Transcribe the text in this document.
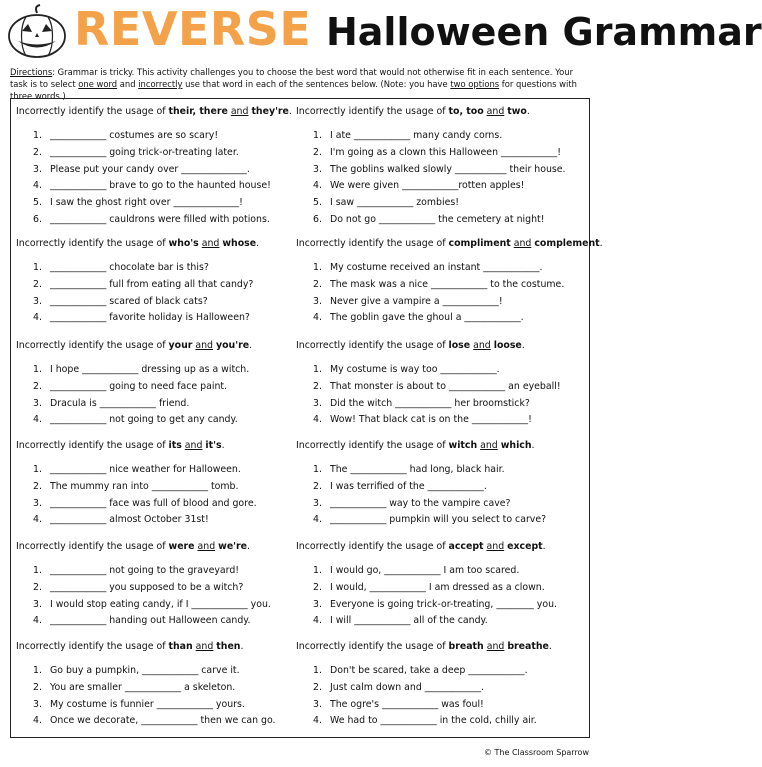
REVERSE Halloween Grammar
Directions: Grammar is tricky. This activity challenges you to choose the best word that would not otherwise fit in each sentence. Your task is to select one word and incorrectly use that word in each of the sentences below. (Note: you have two options for questions with three words.)
Incorrectly identify the usage of their, there and they're.
1. ____________ costumes are so scary!
2. ____________ going trick-or-treating later.
3. Please put your candy over ______________.
4. ____________ brave to go to the haunted house!
5. I saw the ghost right over ______________!
6. ____________ cauldrons were filled with potions.
Incorrectly identify the usage of to, too and two.
1. I ate ____________ many candy corns.
2. I'm going as a clown this Halloween ____________!
3. The goblins walked slowly ___________ their house.
4. We were given ____________rotten apples!
5. I saw ____________ zombies!
6. Do not go ____________ the cemetery at night!
Incorrectly identify the usage of who's and whose.
1. ____________ chocolate bar is this?
2. ____________ full from eating all that candy?
3. ____________ scared of black cats?
4. ____________ favorite holiday is Halloween?
Incorrectly identify the usage of compliment and complement.
1. My costume received an instant ____________.
2. The mask was a nice ____________ to the costume.
3. Never give a vampire a ____________!
4. The goblin gave the ghoul a ____________.
Incorrectly identify the usage of your and you're.
1. I hope ____________ dressing up as a witch.
2. ____________ going to need face paint.
3. Dracula is ____________ friend.
4. ____________ not going to get any candy.
Incorrectly identify the usage of lose and loose.
1. My costume is way too ____________.
2. That monster is about to ____________ an eyeball!
3. Did the witch ____________ her broomstick?
4. Wow! That black cat is on the ____________!
Incorrectly identify the usage of its and it's.
1. ____________ nice weather for Halloween.
2. The mummy ran into ____________ tomb.
3. ____________ face was full of blood and gore.
4. ____________ almost October 31st!
Incorrectly identify the usage of witch and which.
1. The ____________ had long, black hair.
2. I was terrified of the ____________.
3. ____________ way to the vampire cave?
4. ____________ pumpkin will you select to carve?
Incorrectly identify the usage of were and we're.
1. ____________ not going to the graveyard!
2. ____________ you supposed to be a witch?
3. I would stop eating candy, if I ____________ you.
4. ____________ handing out Halloween candy.
Incorrectly identify the usage of accept and except.
1. I would go, ____________ I am too scared.
2. I would, ____________ I am dressed as a clown.
3. Everyone is going trick-or-treating, ________ you.
4. I will ____________ all of the candy.
Incorrectly identify the usage of than and then.
1. Go buy a pumpkin, ____________ carve it.
2. You are smaller ____________ a skeleton.
3. My costume is funnier ____________ yours.
4. Once we decorate, ____________ then we can go.
Incorrectly identify the usage of breath and breathe.
1. Don't be scared, take a deep ____________.
2. Just calm down and ____________.
3. The ogre's ____________ was foul!
4. We had to ____________ in the cold, chilly air.
© The Classroom Sparrow
